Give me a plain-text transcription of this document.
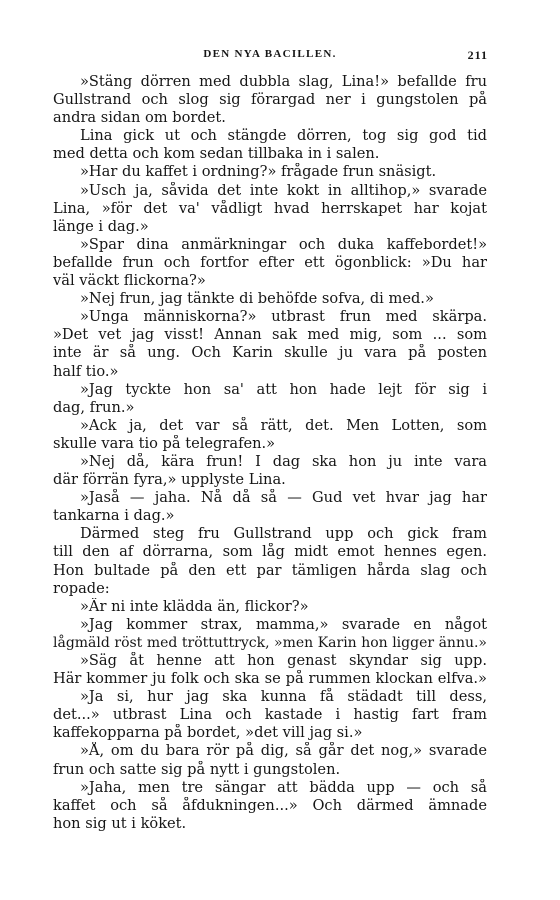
DEN NYA BACILLEN.	211
»Stäng dörren med dubbla slag, Lina!» befallde fru
Gullstrand och slog sig förargad ner i gungstolen på
andra sidan om bordet.
Lina gick ut och stängde dörren, tog sig god tid
med detta och kom sedan tillbaka in i salen.
»Har du kaffet i ordning?» frågade frun snäsigt.
»Usch ja, såvida det inte kokt in alltihop,» svarade
Lina, »för det va' vådligt hvad herrskapet har kojat
länge i dag.»
»Spar dina anmärkningar och duka kaffebordet!»
befallde frun och fortfor efter ett ögonblick: »Du har
väl väckt flickorna?»
»Nej frun, jag tänkte di behöfde sofva, di med.»
»Unga människorna?» utbrast frun med skärpa.
»Det vet jag visst! Annan sak med mig, som ... som
inte är så ung. Och Karin skulle ju vara på posten
half tio.»
»Jag tyckte hon sa' att hon hade lejt för sig i
dag, frun.»
»Ack ja, det var så rätt, det. Men Lotten, som
skulle vara tio på telegrafen.»
»Nej då, kära frun! I dag ska hon ju inte vara
där förrän fyra,» upplyste Lina.
»Jaså — jaha. Nå då så — Gud vet hvar jag har
tankarna i dag.»
Därmed steg fru Gullstrand upp och gick fram
till den af dörrarna, som låg midt emot hennes egen.
Hon bultade på den ett par tämligen hårda slag och
ropade:
»Är ni inte klädda än, flickor?»
»Jag kommer strax, mamma,» svarade en något
lågmäld röst med tröttuttryck, »men Karin hon ligger ännu.»
»Säg åt henne att hon genast skyndar sig upp.
Här kommer ju folk och ska se på rummen klockan elfva.»
»Ja si, hur jag ska kunna få städadt till dess,
det...» utbrast Lina och kastade i hastig fart fram
kaffekopparna på bordet, »det vill jag si.»
»Å, om du bara rör på dig, så går det nog,» svarade
frun och satte sig på nytt i gungstolen.
»Jaha, men tre sängar att bädda upp — och så
kaffet och så åfdukningen...» Och därmed ämnade
hon sig ut i köket.
